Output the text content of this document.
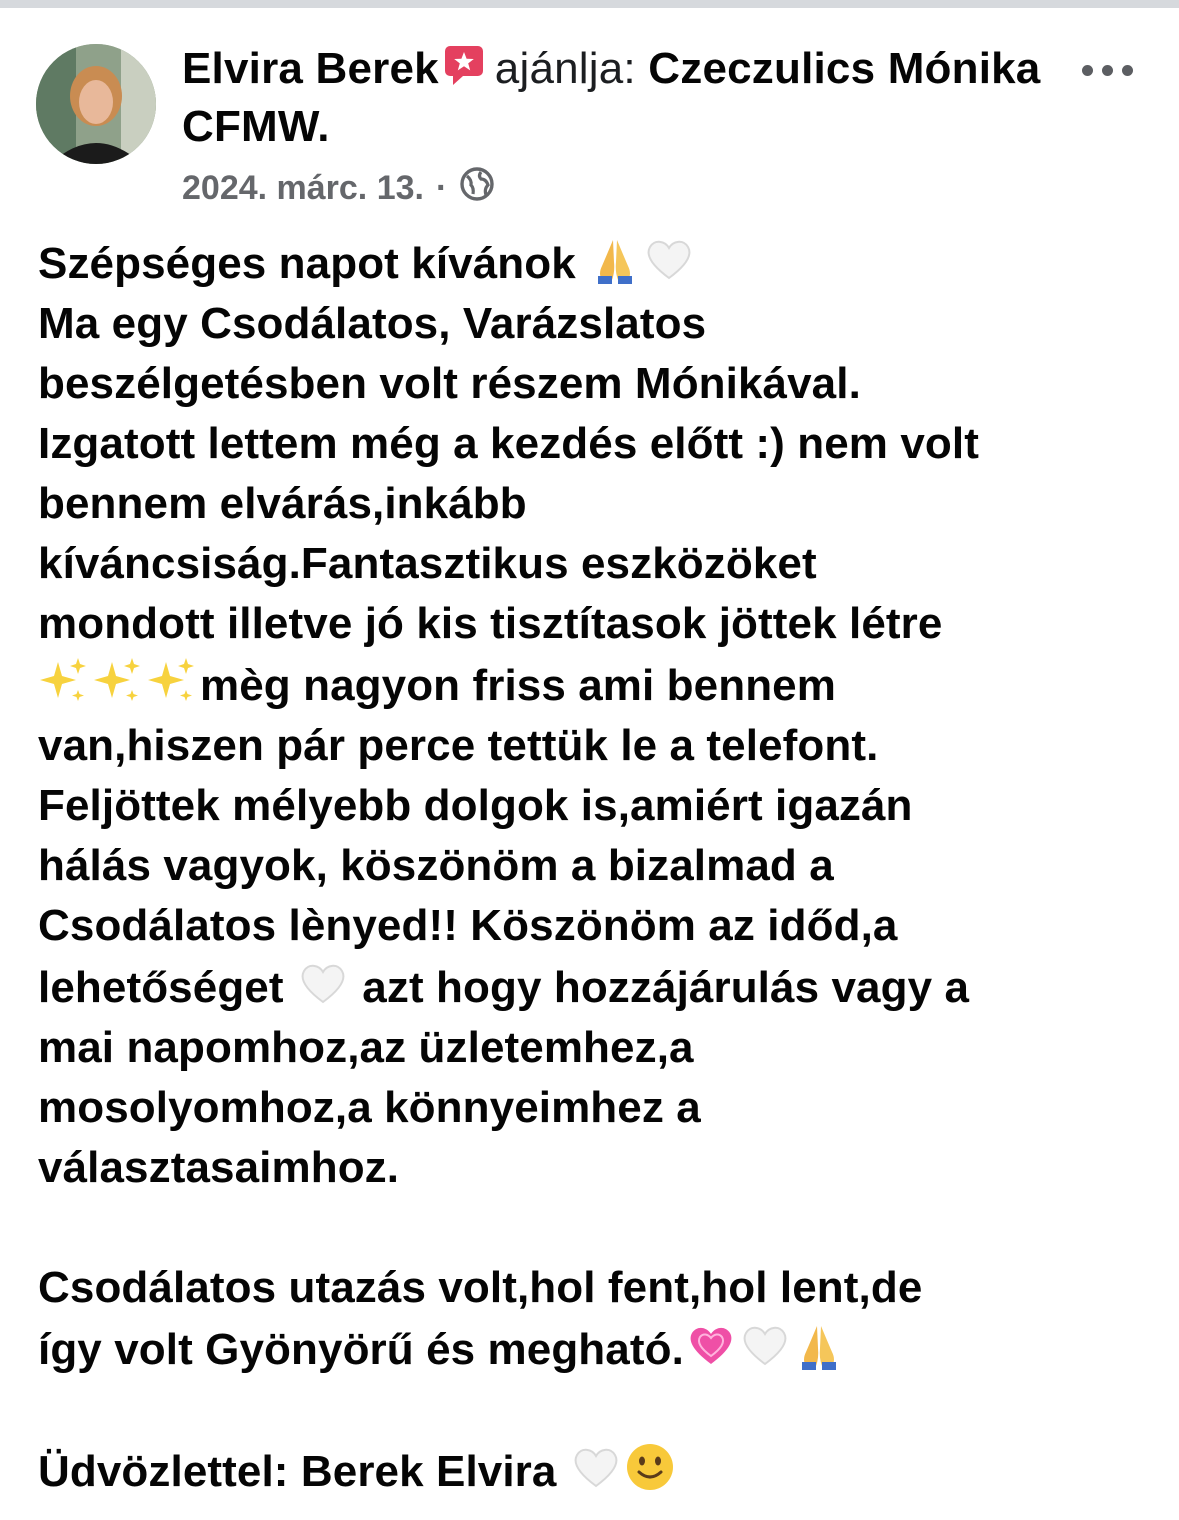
Elvira Berek ajánlja: Czeczulics Mónika CFMW.
2024. márc. 13. ·

Szépséges napot kívánok

Ma egy Csodálatos, Varázslatos
beszélgetésben volt részem Mónikával.
Izgatott lettem még a kezdés előtt :) nem volt
bennem elvárás,inkább
kíváncsiság.Fantasztikus eszközöket
mondott illetve jó kis tisztítasok jöttek létre

mèg nagyon friss ami bennem
van,hiszen pár perce tettük le a telefont.
Feljöttek mélyebb dolgok is,amiért igazán
hálás vagyok, köszönöm a bizalmad a
Csodálatos lènyed!! Köszönöm az időd,a
lehetőséget
azt hogy hozzájárulás vagy a
mai napomhoz,az üzletemhez,a
mosolyomhoz,a könnyeimhez a
választasaimhoz.

Csodálatos utazás volt,hol fent,hol lent,de
így volt Gyönyörű és megható.

Üdvözlettel: Berek Elvira
